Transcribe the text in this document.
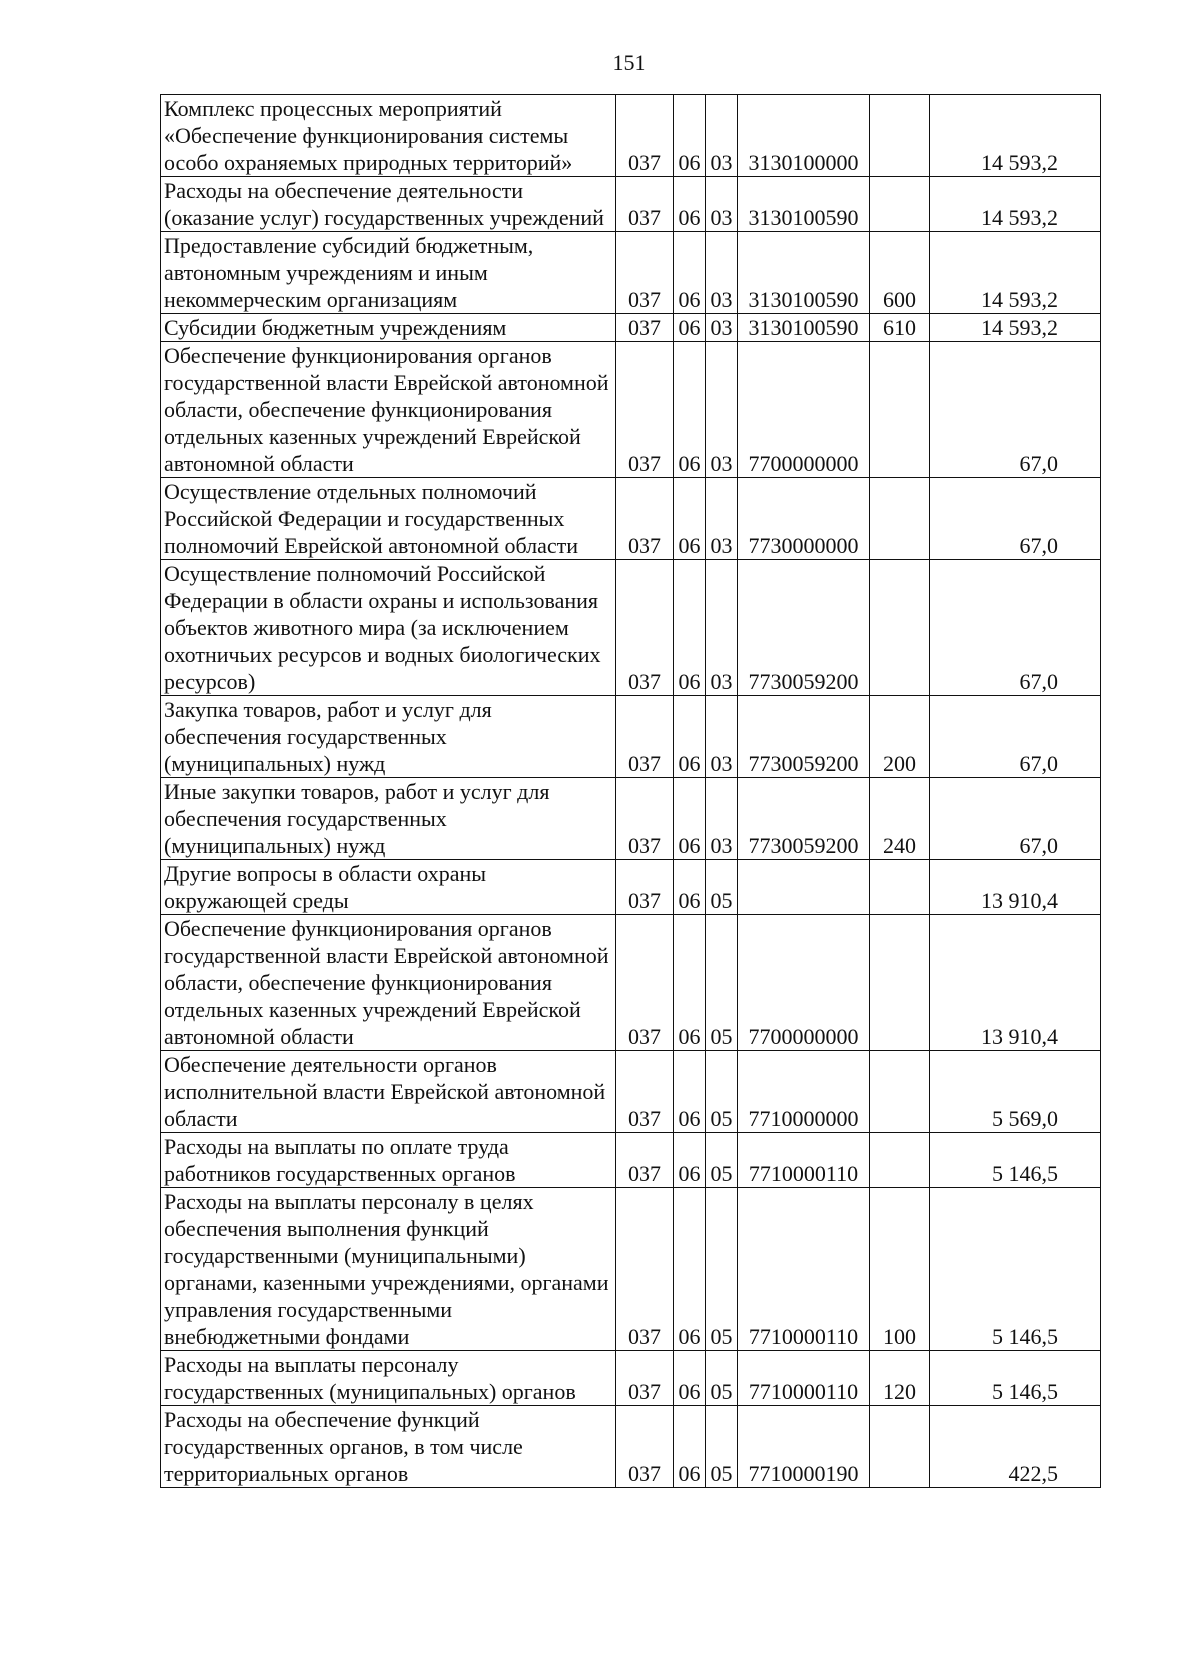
151
Комплекс процессных мероприятий «Обеспечение функционирования системы особо охраняемых природных территорий»	037	06	03	3130100000		14 593,2
Расходы на обеспечение деятельности (оказание услуг) государственных учреждений	037	06	03	3130100590		14 593,2
Предоставление субсидий бюджетным, автономным учреждениям и иным некоммерческим организациям	037	06	03	3130100590	600	14 593,2
Субсидии бюджетным учреждениям	037	06	03	3130100590	610	14 593,2
Обеспечение функционирования органов государственной власти Еврейской автономной области, обеспечение функционирования отдельных казенных учреждений Еврейской автономной области	037	06	03	7700000000		67,0
Осуществление отдельных полномочий Российской Федерации и государственных полномочий Еврейской автономной области	037	06	03	7730000000		67,0
Осуществление полномочий Российской Федерации в области охраны и использования объектов животного мира (за исключением охотничьих ресурсов и водных биологических ресурсов)	037	06	03	7730059200		67,0
Закупка товаров, работ и услуг для обеспечения государственных (муниципальных) нужд	037	06	03	7730059200	200	67,0
Иные закупки товаров, работ и услуг для обеспечения государственных (муниципальных) нужд	037	06	03	7730059200	240	67,0
Другие вопросы в области охраны окружающей среды	037	06	05			13 910,4
Обеспечение функционирования органов государственной власти Еврейской автономной области, обеспечение функционирования отдельных казенных учреждений Еврейской автономной области	037	06	05	7700000000		13 910,4
Обеспечение деятельности органов исполнительной власти Еврейской автономной области	037	06	05	7710000000		5 569,0
Расходы на выплаты по оплате труда работников государственных органов	037	06	05	7710000110		5 146,5
Расходы на выплаты персоналу в целях обеспечения выполнения функций государственными (муниципальными) органами, казенными учреждениями, органами управления государственными внебюджетными фондами	037	06	05	7710000110	100	5 146,5
Расходы на выплаты персоналу государственных (муниципальных) органов	037	06	05	7710000110	120	5 146,5
Расходы на обеспечение функций государственных органов, в том числе территориальных органов	037	06	05	7710000190		422,5
